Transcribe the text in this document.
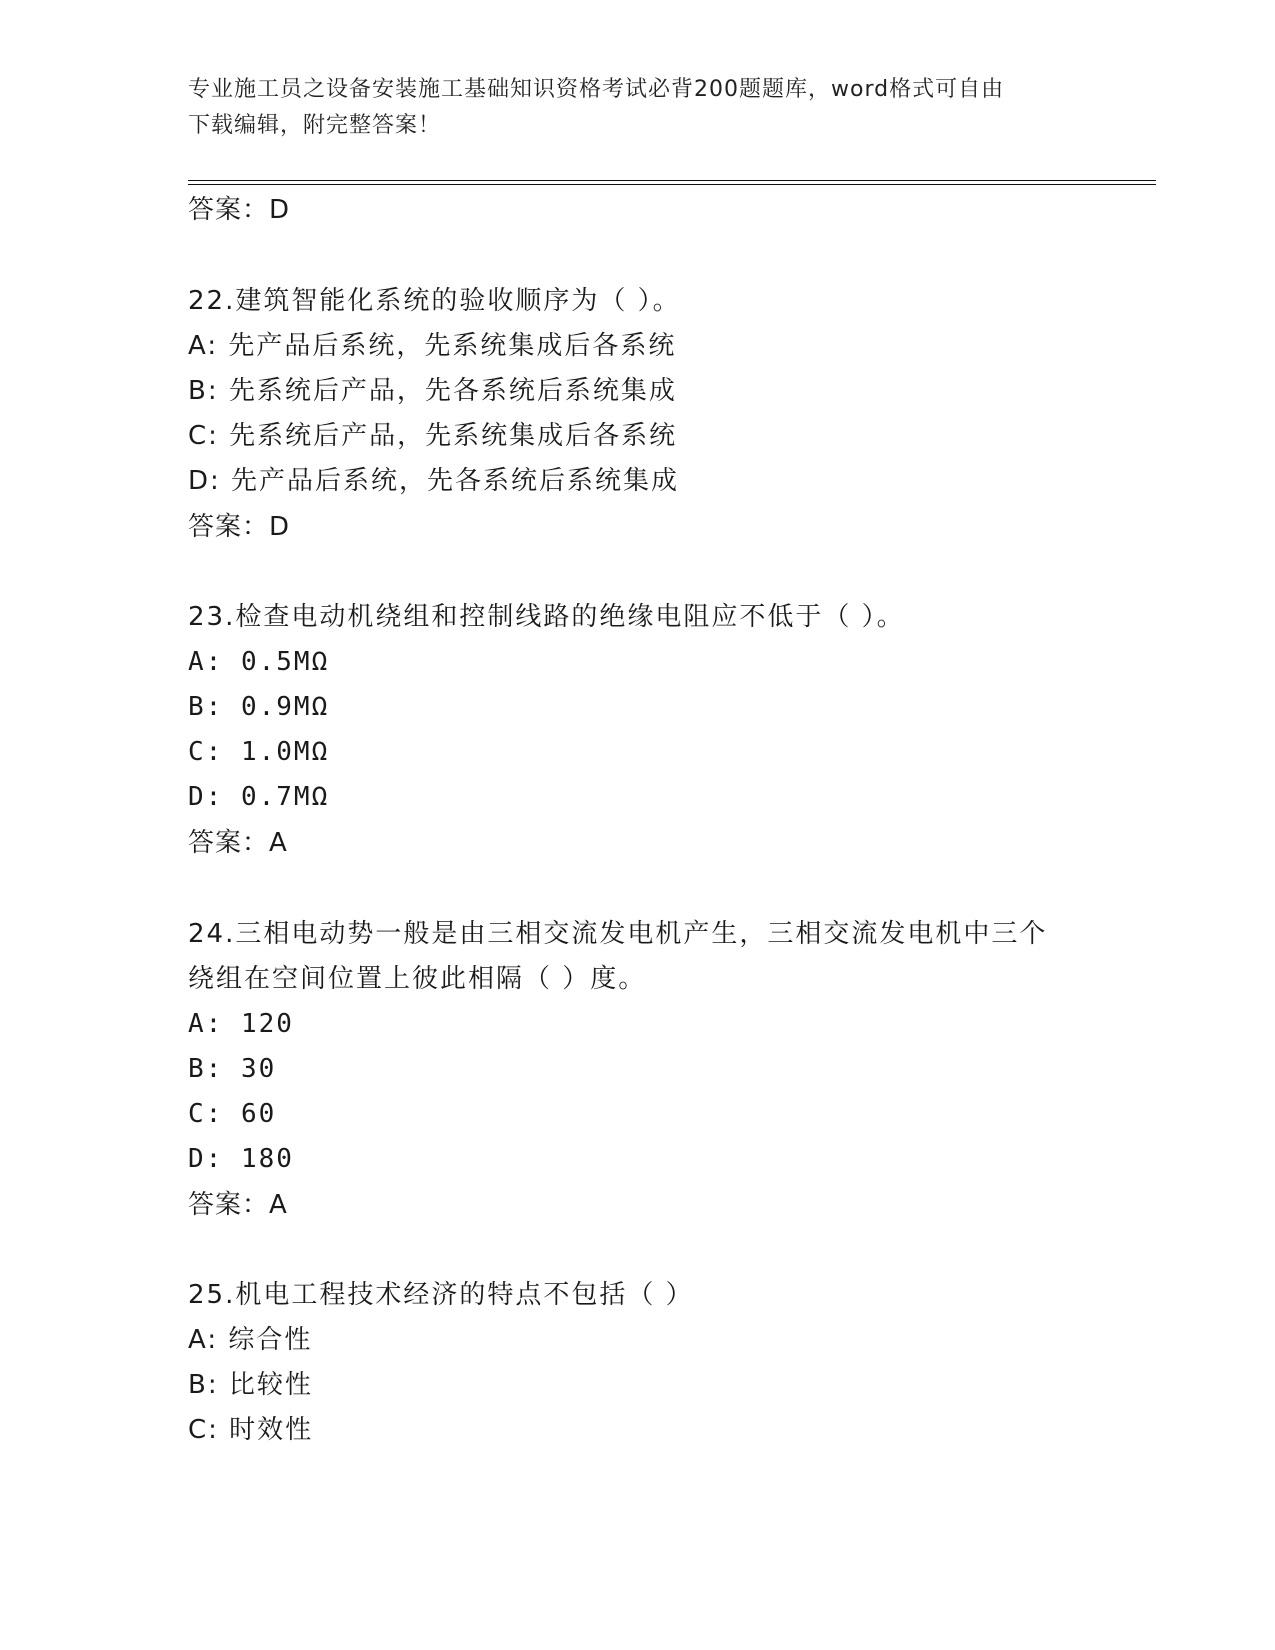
专业施工员之设备安装施工基础知识资格考试必背200题题库，word格式可自由
下载编辑，附完整答案！
答案：D
22.建筑智能化系统的验收顺序为（ ）。
A: 先产品后系统，先系统集成后各系统
B: 先系统后产品，先各系统后系统集成
C: 先系统后产品，先系统集成后各系统
D: 先产品后系统，先各系统后系统集成
答案：D
23.检查电动机绕组和控制线路的绝缘电阻应不低于（ ）。
A: 0.5MΩ
B: 0.9MΩ
C: 1.0MΩ
D: 0.7MΩ
答案：A
24.三相电动势一般是由三相交流发电机产生，三相交流发电机中三个
绕组在空间位置上彼此相隔（ ）度。
A: 120
B: 30
C: 60
D: 180
答案：A
25.机电工程技术经济的特点不包括（ ）
A: 综合性
B: 比较性
C: 时效性
